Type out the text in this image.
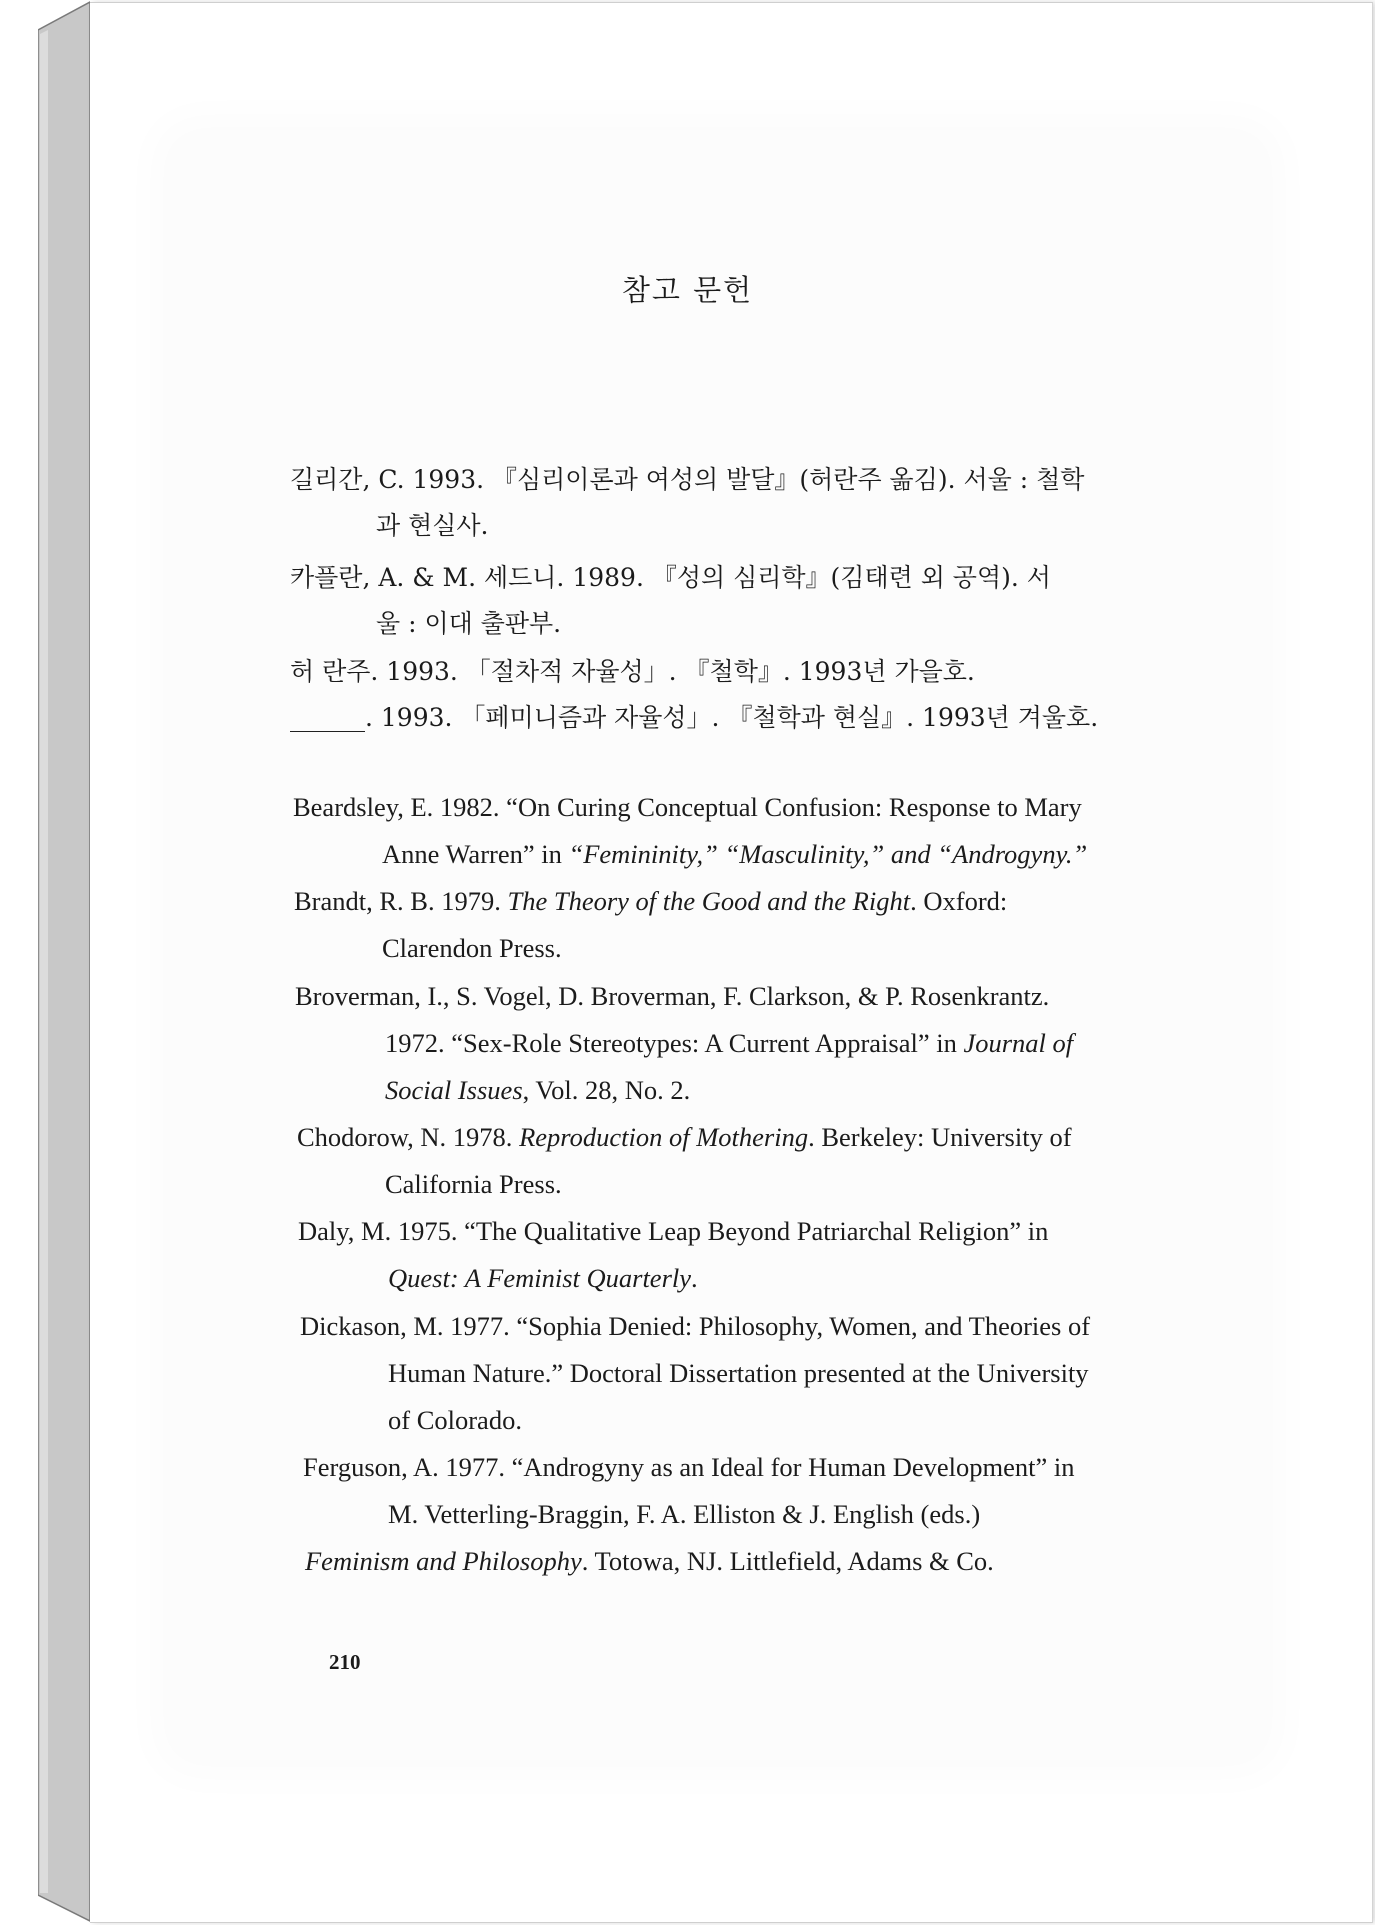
참고 문헌
길리간, C. 1993. 『심리이론과 여성의 발달』(허란주 옮김). 서울 : 철학
과 현실사.
카플란, A. & M. 세드니. 1989. 『성의 심리학』(김태련 외 공역). 서
울 : 이대 출판부.
허 란주. 1993. 「절차적 자율성」. 『철학』. 1993년 가을호.
______. 1993. 「페미니즘과 자율성」. 『철학과 현실』. 1993년 겨울호.
Beardsley, E. 1982. “On Curing Conceptual Confusion: Response to Mary
Anne Warren” in “Femininity,” “Masculinity,” and “Androgyny.”
Brandt, R. B. 1979. The Theory of the Good and the Right. Oxford:
Clarendon Press.
Broverman, I., S. Vogel, D. Broverman, F. Clarkson, & P. Rosenkrantz.
1972. “Sex-Role Stereotypes: A Current Appraisal” in Journal of
Social Issues, Vol. 28, No. 2.
Chodorow, N. 1978. Reproduction of Mothering. Berkeley: University of
California Press.
Daly, M. 1975. “The Qualitative Leap Beyond Patriarchal Religion” in
Quest: A Feminist Quarterly.
Dickason, M. 1977. “Sophia Denied: Philosophy, Women, and Theories of
Human Nature.” Doctoral Dissertation presented at the University
of Colorado.
Ferguson, A. 1977. “Androgyny as an Ideal for Human Development” in
M. Vetterling-Braggin, F. A. Elliston & J. English (eds.)
Feminism and Philosophy. Totowa, NJ. Littlefield, Adams & Co.
210
